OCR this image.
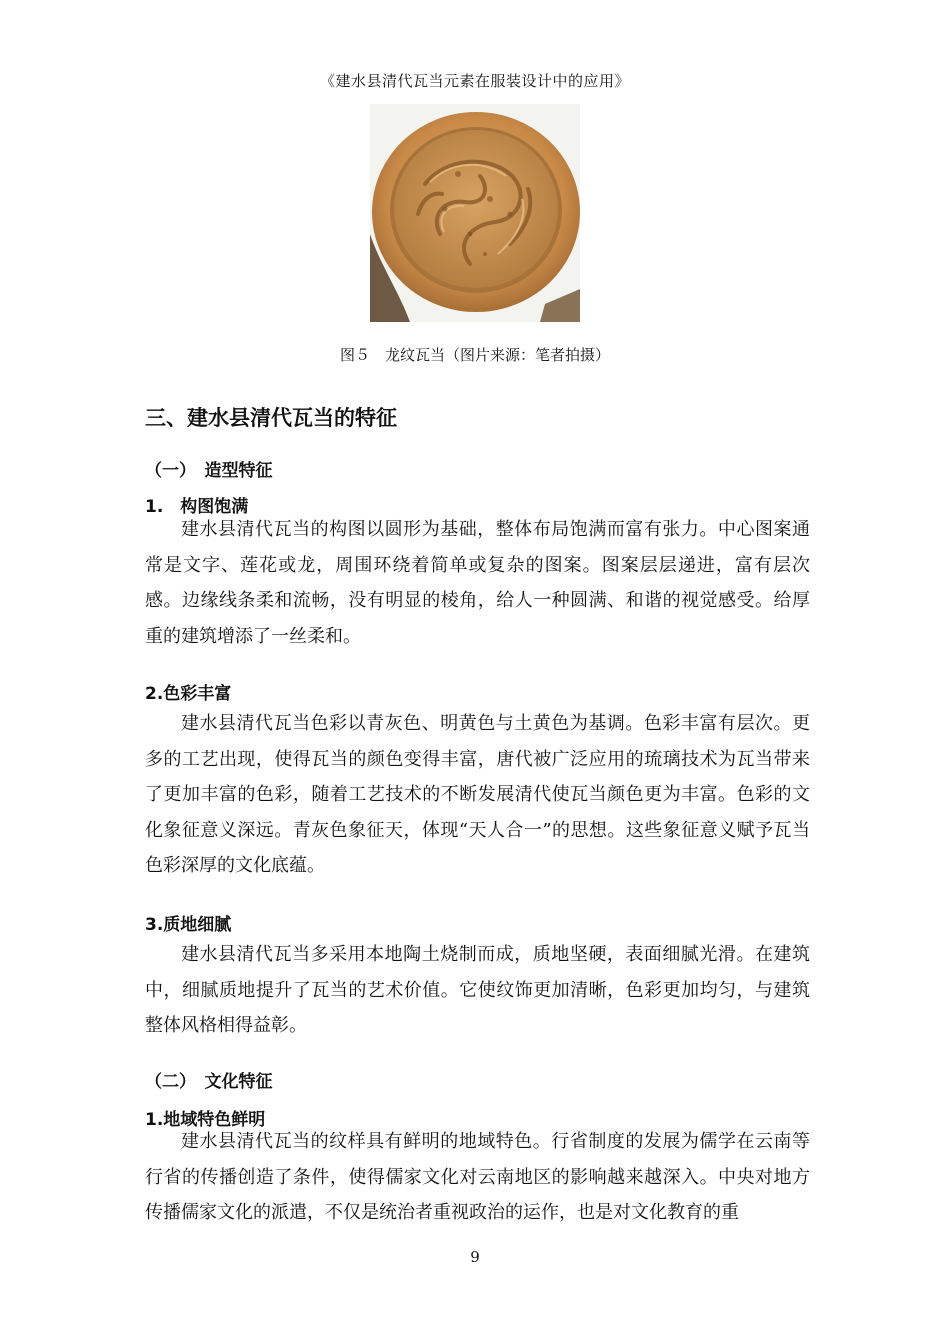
《建水县清代瓦当元素在服装设计中的应用》
图５　龙纹瓦当（图片来源：笔者拍摄）
三、建水县清代瓦当的特征
（一）　造型特征
1.　构图饱满

建水县清代瓦当的构图以圆形为基础，整体布局饱满而富有张力。中心图案通常是文字、莲花或龙，周围环绕着简单或复杂的图案。图案层层递进，富有层次感。边缘线条柔和流畅，没有明显的棱角，给人一种圆满、和谐的视觉感受。给厚重的建筑增添了一丝柔和。

2.色彩丰富

建水县清代瓦当色彩以青灰色、明黄色与土黄色为基调。色彩丰富有层次。更多的工艺出现，使得瓦当的颜色变得丰富，唐代被广泛应用的琉璃技术为瓦当带来了更加丰富的色彩，随着工艺技术的不断发展清代使瓦当颜色更为丰富。色彩的文化象征意义深远。青灰色象征天，体现“天人合一”的思想。这些象征意义赋予瓦当色彩深厚的文化底蕴。

3.质地细腻

建水县清代瓦当多采用本地陶土烧制而成，质地坚硬，表面细腻光滑。在建筑中，细腻质地提升了瓦当的艺术价值。它使纹饰更加清晰，色彩更加均匀，与建筑整体风格相得益彰。

（二）　文化特征
1.地域特色鲜明

建水县清代瓦当的纹样具有鲜明的地域特色。行省制度的发展为儒学在云南等行省的传播创造了条件，使得儒家文化对云南地区的影响越来越深入。中央对地方传播儒家文化的派遣，不仅是统治者重视政治的运作，也是对文化教育的重

9
